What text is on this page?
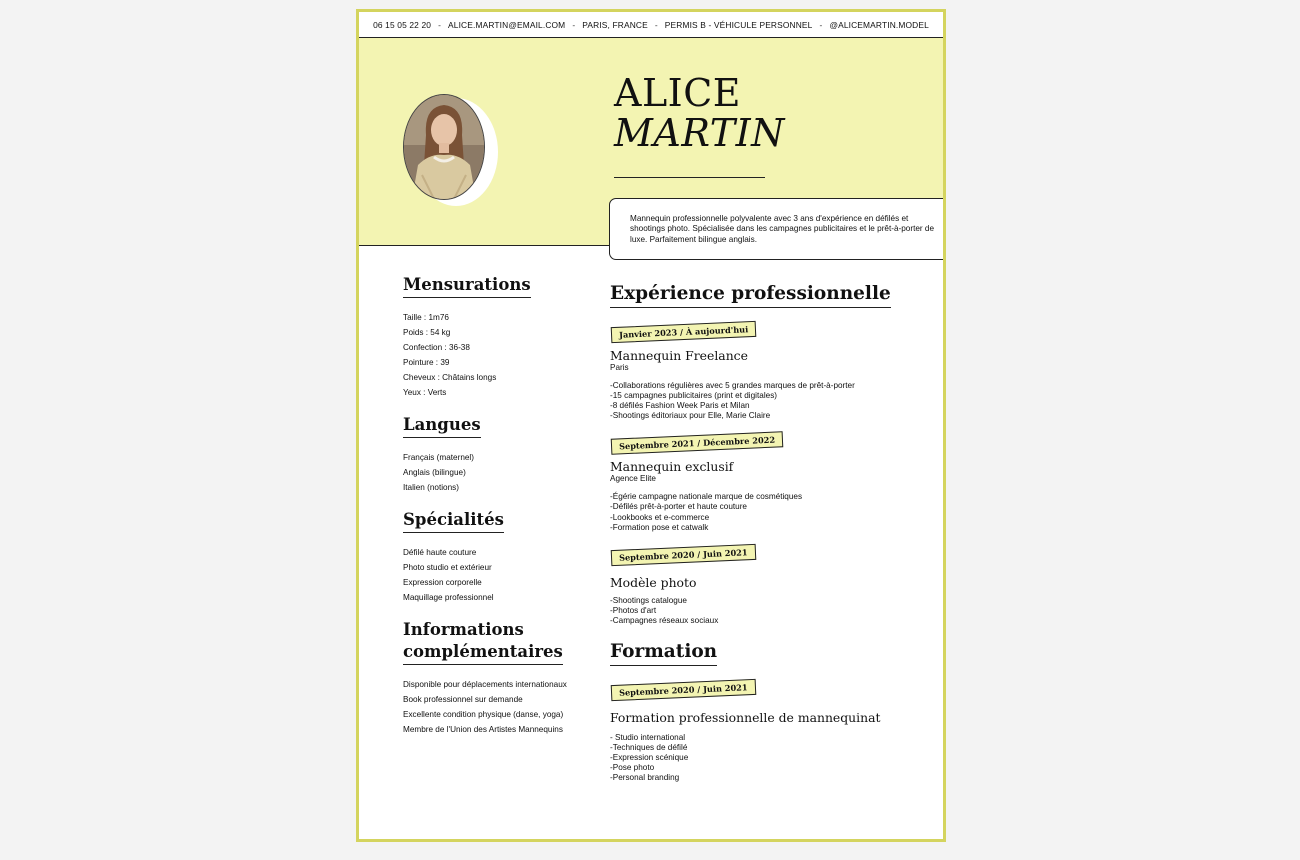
06 15 05 22 20 - ALICE.MARTIN@EMAIL.COM - PARIS, FRANCE - PERMIS B - VÉHICULE PERSONNEL - @ALICEMARTIN.MODEL
ALICE
MARTIN
Mannequin professionnelle polyvalente avec 3 ans d'expérience en défilés et shootings photo. Spécialisée dans les campagnes publicitaires et le prêt-à-porter de luxe. Parfaitement bilingue anglais.
Mensurations
Taille : 1m76
Poids : 54 kg
Confection : 36-38
Pointure : 39
Cheveux : Châtains longs
Yeux : Verts
Langues
Français (maternel)
Anglais (bilingue)
Italien (notions)
Spécialités
Défilé haute couture
Photo studio et extérieur
Expression corporelle
Maquillage professionnel
Informations
complémentaires
Disponible pour déplacements internationaux
Book professionnel sur demande
Excellente condition physique (danse, yoga)
Membre de l'Union des Artistes Mannequins
Expérience professionnelle
Janvier 2023 / À aujourd'hui
Mannequin Freelance
Paris
-Collaborations régulières avec 5 grandes marques de prêt-à-porter
-15 campagnes publicitaires (print et digitales)
-8 défilés Fashion Week Paris et Milan
-Shootings éditoriaux pour Elle, Marie Claire
Septembre 2021 / Décembre 2022
Mannequin exclusif
Agence Elite
-Égérie campagne nationale marque de cosmétiques
-Défilés prêt-à-porter et haute couture
-Lookbooks et e-commerce
-Formation pose et catwalk
Septembre 2020 / Juin 2021
Modèle photo
-Shootings catalogue
-Photos d'art
-Campagnes réseaux sociaux
Formation
Septembre 2020 / Juin 2021
Formation professionnelle de mannequinat
- Studio international
-Techniques de défilé
-Expression scénique
-Pose photo
-Personal branding
